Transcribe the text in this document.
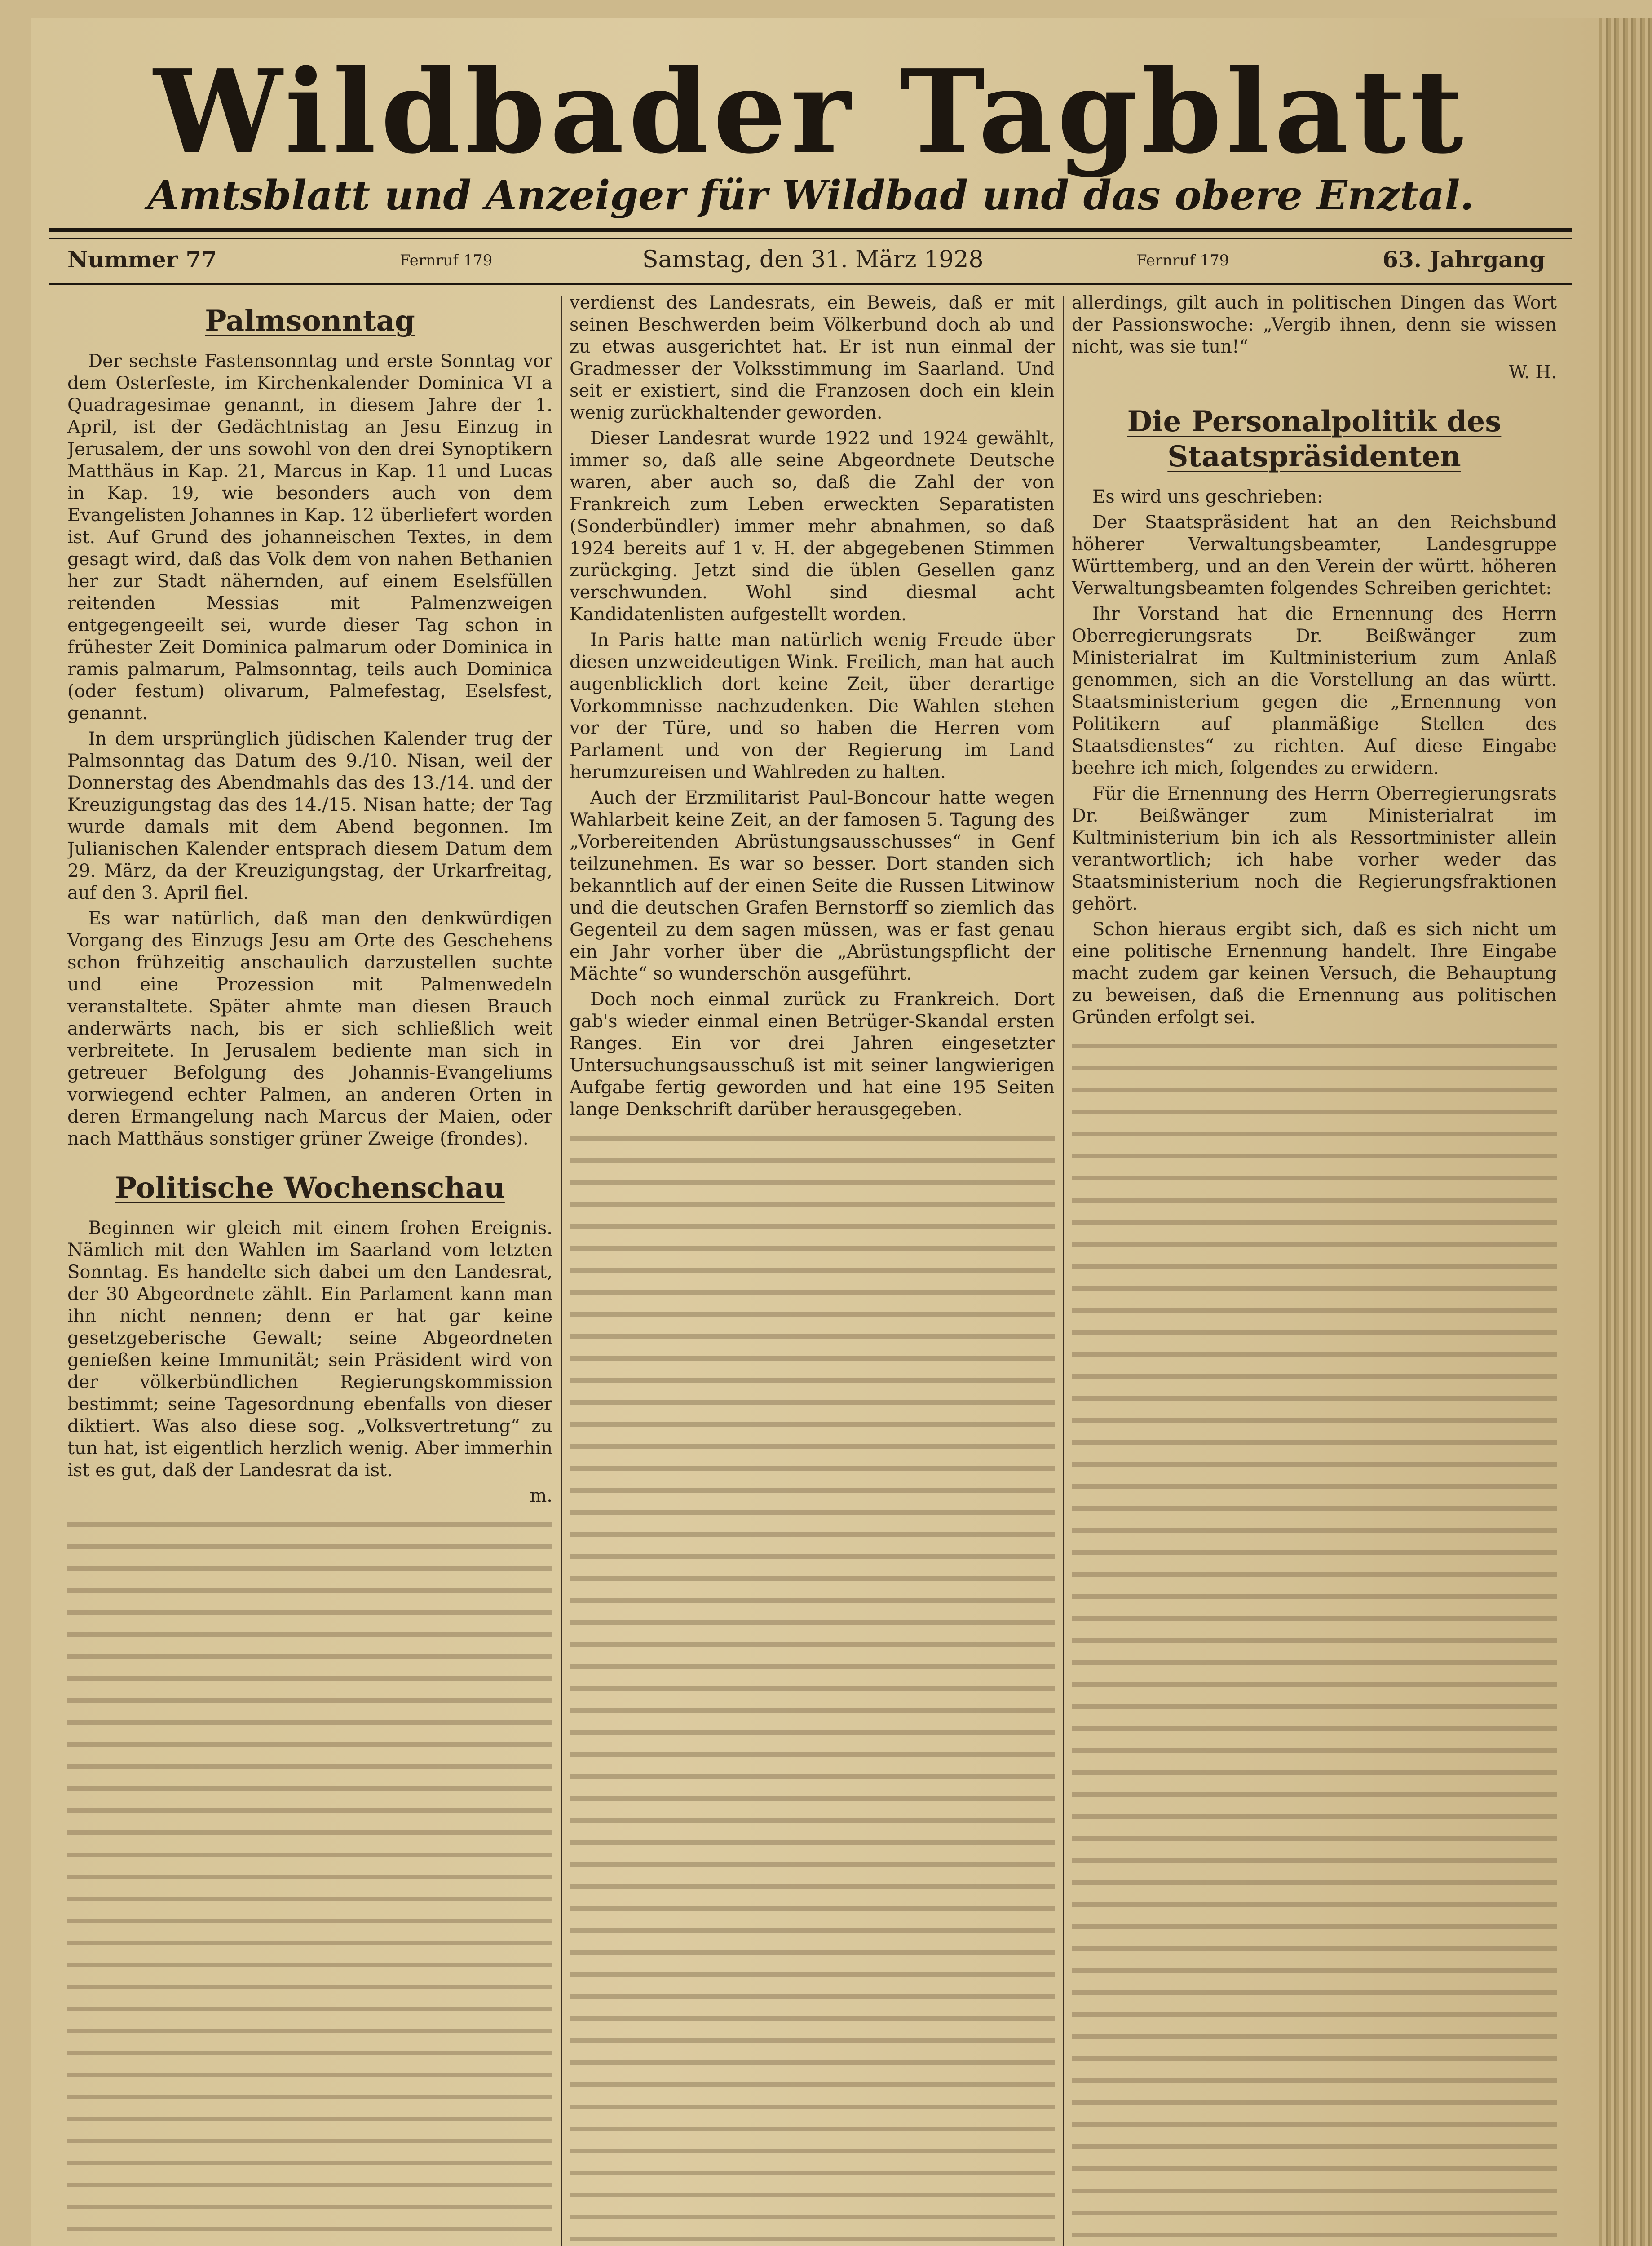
Wildbader Tagblatt
Amtsblatt und Anzeiger für Wildbad und das obere Enztal.
Nummer 77	Fernruf 179	Samstag, den 31. März 1928	Fernruf 179	63. Jahrgang
Palmsonntag

Der sechste Fastensonntag und erste Sonntag vor dem Osterfeste, im Kirchenkalender Dominica VI a Quadragesimae genannt, in diesem Jahre der 1. April, ist der Gedächtnistag an Jesu Einzug in Jerusalem, der uns sowohl von den drei Synoptikern Matthäus in Kap. 21, Marcus in Kap. 11 und Lucas in Kap. 19, wie besonders auch von dem Evangelisten Johannes in Kap. 12 überliefert worden ist. Auf Grund des johanneischen Textes, in dem gesagt wird, daß das Volk dem von nahen Bethanien her zur Stadt nähernden, auf einem Eselsfüllen reitenden Messias mit Palmenzweigen entgegengeeilt sei, wurde dieser Tag schon in frühester Zeit Dominica palmarum oder Dominica in ramis palmarum, Palmsonntag, teils auch Dominica (oder festum) olivarum, Palmefestag, Eselsfest, genannt.

In dem ursprünglich jüdischen Kalender trug der Palmsonntag das Datum des 9./10. Nisan, weil der Donnerstag des Abendmahls das des 13./14. und der Kreuzigungstag das des 14./15. Nisan hatte; der Tag wurde damals mit dem Abend begonnen. Im Julianischen Kalender entsprach diesem Datum dem 29. März, da der Kreuzigungstag, der Urkarfreitag, auf den 3. April fiel.

Es war natürlich, daß man den denkwürdigen Vorgang des Einzugs Jesu am Orte des Geschehens schon frühzeitig anschaulich darzustellen suchte und eine Prozession mit Palmenwedeln veranstaltete. Später ahmte man diesen Brauch anderwärts nach, bis er sich schließlich weit verbreitete. In Jerusalem bediente man sich in getreuer Befolgung des Johannis-Evangeliums vorwiegend echter Palmen, an anderen Orten in deren Ermangelung nach Marcus der Maien, oder nach Matthäus sonstiger grüner Zweige (frondes).

Politische Wochenschau

Beginnen wir gleich mit einem frohen Ereignis. Nämlich mit den Wahlen im Saarland vom letzten Sonntag. Es handelte sich dabei um den Landesrat, der 30 Abgeordnete zählt. Ein Parlament kann man ihn nicht nennen; denn er hat gar keine gesetzgeberische Gewalt; seine Abgeordneten genießen keine Immunität; sein Präsident wird von der völkerbündlichen Regierungskommission bestimmt; seine Tagesordnung ebenfalls von dieser diktiert. Was also diese sog. „Volksvertretung“ zu tun hat, ist eigentlich herzlich wenig. Aber immerhin ist es gut, daß der Landesrat da ist.

m.

verdienst des Landesrats, ein Beweis, daß er mit seinen Beschwerden beim Völkerbund doch ab und zu etwas ausgerichtet hat. Er ist nun einmal der Gradmesser der Volksstimmung im Saarland. Und seit er existiert, sind die Franzosen doch ein klein wenig zurückhaltender geworden.

Dieser Landesrat wurde 1922 und 1924 gewählt, immer so, daß alle seine Abgeordnete Deutsche waren, aber auch so, daß die Zahl der von Frankreich zum Leben erweckten Separatisten (Sonderbündler) immer mehr abnahmen, so daß 1924 bereits auf 1 v. H. der abgegebenen Stimmen zurückging. Jetzt sind die üblen Gesellen ganz verschwunden. Wohl sind diesmal acht Kandidatenlisten aufgestellt worden.

In Paris hatte man natürlich wenig Freude über diesen unzweideutigen Wink. Freilich, man hat auch augenblicklich dort keine Zeit, über derartige Vorkommnisse nachzudenken. Die Wahlen stehen vor der Türe, und so haben die Herren vom Parlament und von der Regierung im Land herumzureisen und Wahlreden zu halten.

Auch der Erzmilitarist Paul-Boncour hatte wegen Wahlarbeit keine Zeit, an der famosen 5. Tagung des „Vorbereitenden Abrüstungsausschusses“ in Genf teilzunehmen. Es war so besser. Dort standen sich bekanntlich auf der einen Seite die Russen Litwinow und die deutschen Grafen Bernstorff so ziemlich das Gegenteil zu dem sagen müssen, was er fast genau ein Jahr vorher über die „Abrüstungspflicht der Mächte“ so wunderschön ausgeführt.

Doch noch einmal zurück zu Frankreich. Dort gab's wieder einmal einen Betrüger-Skandal ersten Ranges. Ein vor drei Jahren eingesetzter Untersuchungsausschuß ist mit seiner langwierigen Aufgabe fertig geworden und hat eine 195 Seiten lange Denkschrift darüber herausgegeben.

allerdings, gilt auch in politischen Dingen das Wort der Passionswoche: „Vergib ihnen, denn sie wissen nicht, was sie tun!“

W. H.

Die Personalpolitik des Staatspräsidenten

Es wird uns geschrieben:

Der Staatspräsident hat an den Reichsbund höherer Verwaltungsbeamter, Landesgruppe Württemberg, und an den Verein der württ. höheren Verwaltungsbeamten folgendes Schreiben gerichtet:

Ihr Vorstand hat die Ernennung des Herrn Oberregierungsrats Dr. Beißwänger zum Ministerialrat im Kultministerium zum Anlaß genommen, sich an die Vorstellung an das württ. Staatsministerium gegen die „Ernennung von Politikern auf planmäßige Stellen des Staatsdienstes“ zu richten. Auf diese Eingabe beehre ich mich, folgendes zu erwidern.

Für die Ernennung des Herrn Oberregierungsrats Dr. Beißwänger zum Ministerialrat im Kultministerium bin ich als Ressortminister allein verantwortlich; ich habe vorher weder das Staatsministerium noch die Regierungsfraktionen gehört.

Schon hieraus ergibt sich, daß es sich nicht um eine politische Ernennung handelt. Ihre Eingabe macht zudem gar keinen Versuch, die Behauptung zu beweisen, daß die Ernennung aus politischen Gründen erfolgt sei.
